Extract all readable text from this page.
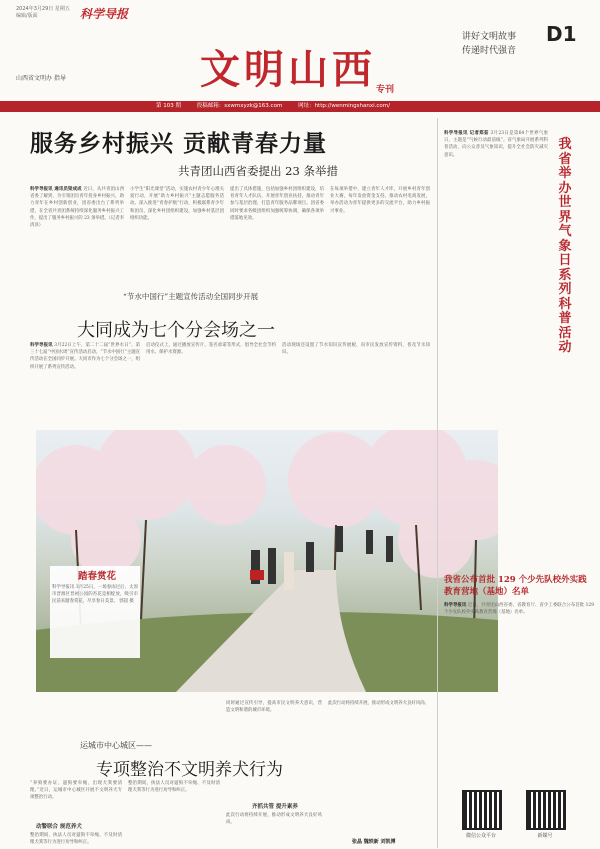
2024年3月29日 星期五
编辑/版面	科学导报
山西省文明办 指导	文明山西专刊
讲好文明故事
传递时代强音
D1
第 103 期	投稿邮箱：sxwmxyzk@163.com	网址：http://wenmingshanxi.com/
服务乡村振兴 贡献青春力量
共青团山西省委提出 23 条举措
科学导报讯 通讯员梁成成 近日，从共青团山西省委了解到，为引领团员青年投身乡村振兴，助力青年在乡村创新创业，团省委出台了系列举措，在全省共青团系统持续深化服务乡村振兴工作，提出了服务乡村振兴的 23 条举措。（记者李清泽）
小学生“阳光课堂”活动，实施农村青少年心理关爱行动，开展“助力乡村振兴”主题志愿服务活动。深入推进“青春护航”行动，积极联系青少年和团员，深化乡村团组织建设，加强乡村基层团组织功能。
提出了具体措施，包括加强乡村团组织建设，培育青年人才队伍，开展青年创业扶持，推动青年参与基层治理，打造青年服务品牌项目。团省委同时要求各级团组织加强统筹协调，确保各项举措落地见效。
在每项举措中，建立青年人才库，开展乡村青年创业大赛，每年发放资金支持。推动农村电商发展，举办活动为青年提供更多的交流平台，助力乡村振兴事业。
“节水中国行”主题宣传活动全国同步开展
大同成为七个分会场之一
科学导报讯 3月22日上午，第二十二届“世界水日”、第三十七届“中国水周”宣传活动启动，“节水中国行”主题宣传活动在全国同步开展。大同市作为七个分会场之一，组织开展了系列宣传活动。
启动仪式上，通过播放宣传片、签名承诺等形式，倡导全社会节约用水、保护水资源。
活动现场还设置了节水知识宣传展板，向市民发放宣传资料，普及节水知识。
踏春赏花
科学导报讯 3月25日，一场春雨过后，太原市晋源区晋祠公园的杏花竞相绽放，吸引市民前来踏春赏花，尽享春日美景。 郭超 摄
运城市中心城区——
专项整治不文明养犬行为
“养狗要办证，遛狗要牵绳，出现犬粪要清理。”近日，运城市中心城区开展不文明养犬专项整治行动。
动警联合 规范养犬
整治期间，执法人员对遛狗不牵绳、不及时清理犬粪等行为进行劝导和纠正。
整治期间，执法人员对遛狗不牵绳、不及时清理犬粪等行为进行劝导和纠正。
同时通过宣传引导，提高市民文明养犬意识，营造文明和谐的城市环境。
齐抓共管 提升素养
此次行动将持续开展，推动形成文明养犬良好风尚。
此次行动将持续开展，推动形成文明养犬良好风尚。
张晶 魏轶新 刘凯博
科学导报讯 记者郑茹 3月23日是第64个世界气象日，主题是“气候行动最前线”。省气象局开展系列科普活动，向公众普及气象知识，提升全社会防灾减灾意识。
我省举办世界气象日系列科普活动
我省公布首批 129 个少先队校外实践教育营地（基地）名单
科学导报讯 近日，共青团山西省委、省教育厅、省少工委联合公布首批 129 个少先队校外实践教育营地（基地）名单。
微信公众平台	新媒号
